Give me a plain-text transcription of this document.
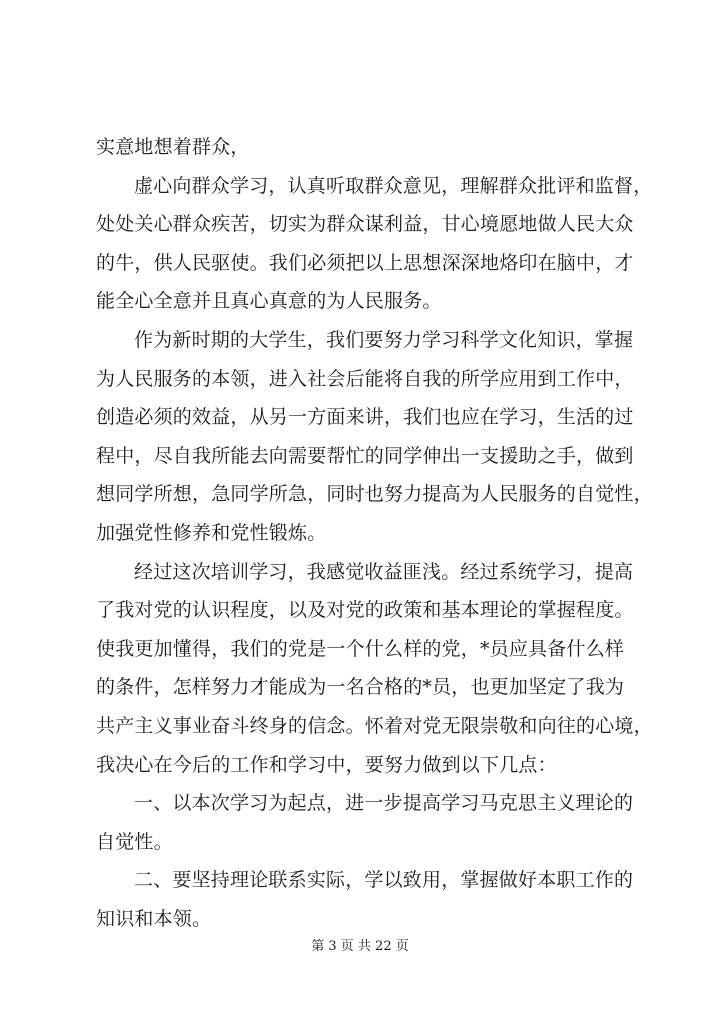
实意地想着群众，
虚心向群众学习，认真听取群众意见，理解群众批评和监督，
处处关心群众疾苦，切实为群众谋利益，甘心境愿地做人民大众
的牛，供人民驱使。我们必须把以上思想深深地烙印在脑中，才
能全心全意并且真心真意的为人民服务。
作为新时期的大学生，我们要努力学习科学文化知识，掌握
为人民服务的本领，进入社会后能将自我的所学应用到工作中，
创造必须的效益，从另一方面来讲，我们也应在学习，生活的过
程中，尽自我所能去向需要帮忙的同学伸出一支援助之手，做到
想同学所想，急同学所急，同时也努力提高为人民服务的自觉性，
加强党性修养和党性锻炼。
经过这次培训学习，我感觉收益匪浅。经过系统学习，提高
了我对党的认识程度，以及对党的政策和基本理论的掌握程度。
使我更加懂得，我们的党是一个什么样的党，*员应具备什么样
的条件，怎样努力才能成为一名合格的*员，也更加坚定了我为
共产主义事业奋斗终身的信念。怀着对党无限崇敬和向往的心境，
我决心在今后的工作和学习中，要努力做到以下几点：
一、以本次学习为起点，进一步提高学习马克思主义理论的
自觉性。
二、要坚持理论联系实际，学以致用，掌握做好本职工作的
知识和本领。
第 3 页 共 22 页
